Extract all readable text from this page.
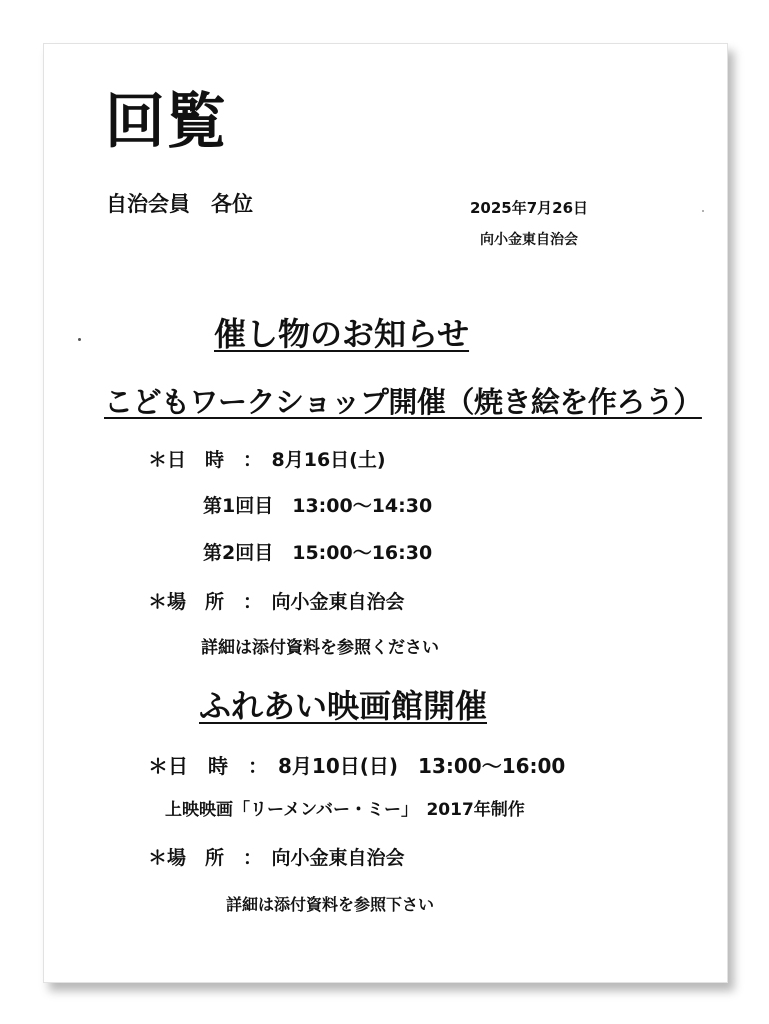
回覧
自治会員　各位	2025年7月26日
向小金東自治会
催し物のお知らせ
こどもワークショップ開催（焼き絵を作ろう）
＊日　時　：　8月16日(土)
第1回目　13:00～14:30
第2回目　15:00～16:30
＊場　所　：　向小金東自治会
詳細は添付資料を参照ください
ふれあい映画館開催
＊日　時　：　8月10日(日)　13:00～16:00
上映映画「リーメンバー・ミー」　2017年制作
＊場　所　：　向小金東自治会
詳細は添付資料を参照下さい
